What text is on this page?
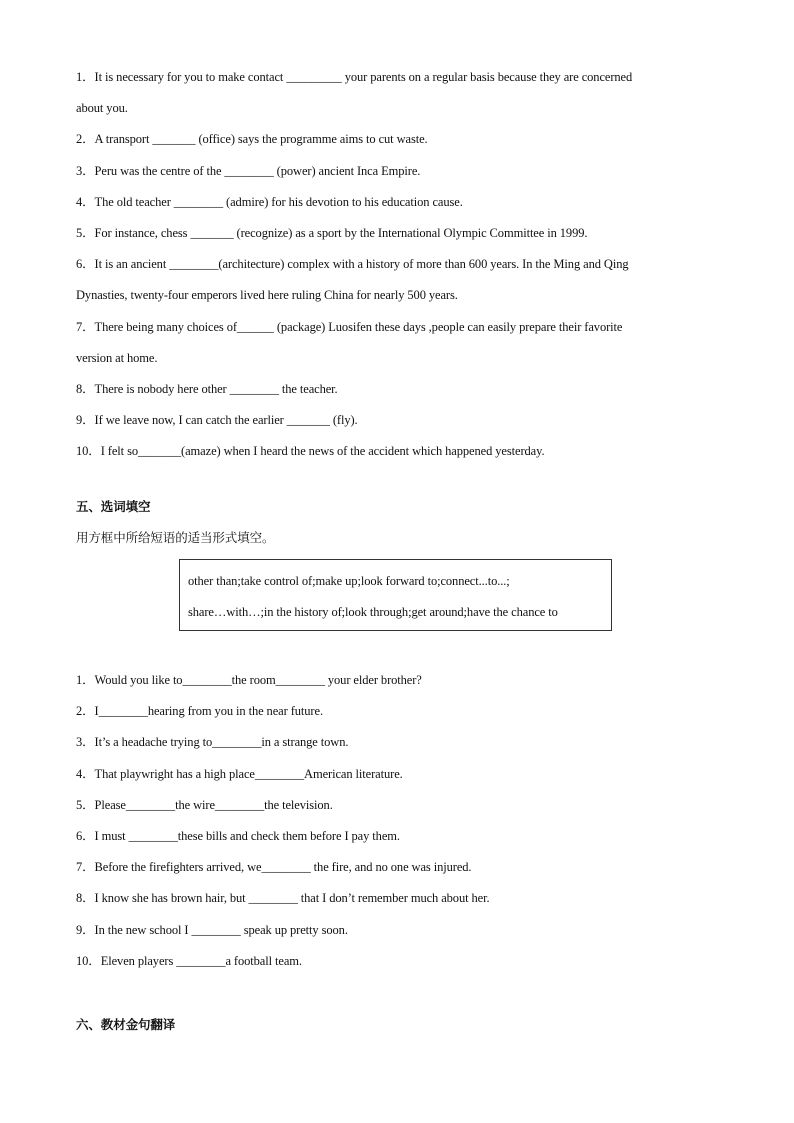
1．It is necessary for you to make contact _________ your parents on a regular basis because they are concerned
about you.
2．A transport _______ (office) says the programme aims to cut waste.
3．Peru was the centre of the ________ (power) ancient Inca Empire.
4．The old teacher ________ (admire) for his devotion to his education cause.
5．For instance, chess _______ (recognize) as a sport by the International Olympic Committee in 1999.
6．It is an ancient ________(architecture) complex with a history of more than 600 years. In the Ming and Qing
Dynasties, twenty-four emperors lived here ruling China for nearly 500 years.
7．There being many choices of______ (package) Luosifen these days ,people can easily prepare their favorite
version at home.
8．There is nobody here other ________ the teacher.
9．If we leave now, I can catch the earlier _______ (fly).
10．I felt so_______(amaze) when I heard the news of the accident which happened yesterday.
五、选词填空
用方框中所给短语的适当形式填空。
other than;take control of;make up;look forward to;connect...to...;
share…with…;in the history of;look through;get around;have the chance to
1．Would you like to________the room________ your elder brother?
2．I________hearing from you in the near future.
3．It’s a headache trying to________in a strange town.
4．That playwright has a high place________American literature.
5．Please________the wire________the television.
6．I must ________these bills and check them before I pay them.
7．Before the firefighters arrived, we________ the fire, and no one was injured.
8．I know she has brown hair, but ________ that I don’t remember much about her.
9．In the new school I ________ speak up pretty soon.
10．Eleven players ________a football team.
六、教材金句翻译
